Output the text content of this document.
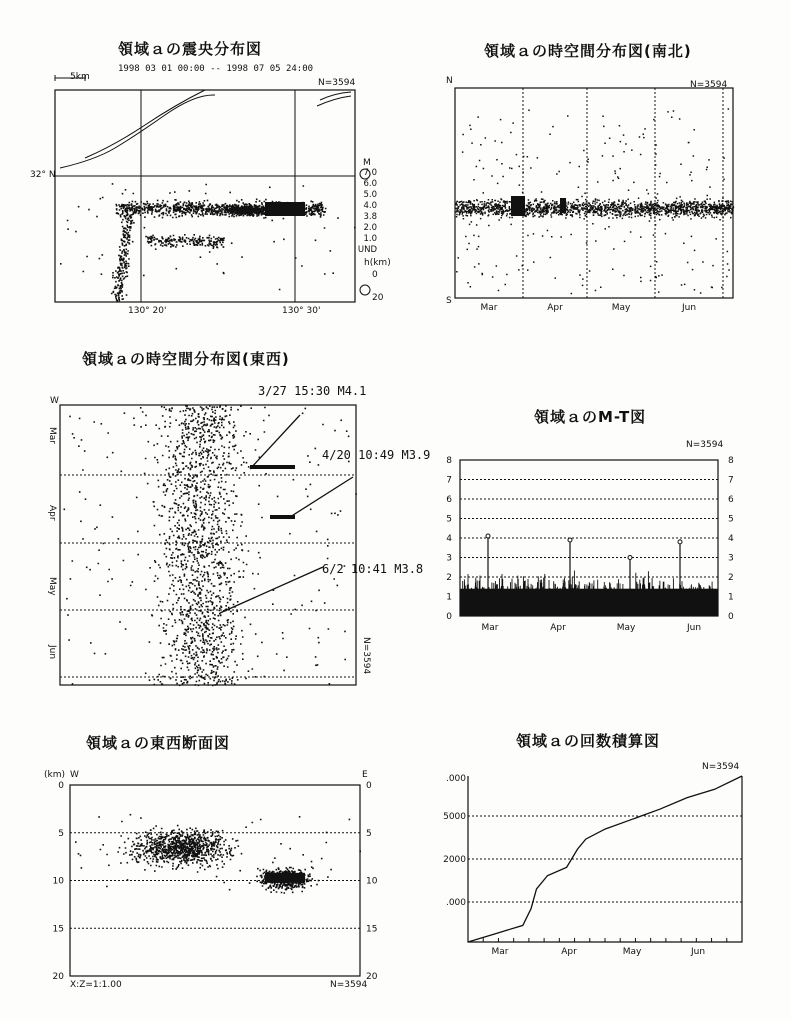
領域ａの震央分布図
1998 03 01 00:00 -- 1998 07 05 24:00
N=3594
5km
32° N
130° 20'	130° 30'
M
7.0
6.0
5.0
4.0
3.8
2.0
1.0
UND
h(km)
0
20
領域ａの時空間分布図(南北)
N=3594
N
S
Mar	Apr	May	Jun
領域ａの時空間分布図(東西)
W
Mar
Apr
May
Jun	N=3594
3/27 15:30 M4.1
4/20 10:49 M3.9
6/2 10:41 M3.8
領域ａのM-T図
N=3594
0	0
1	1
2	2
3	3
4	4
5	5
6	6
7	7
8	8
Mar	Apr	May	Jun
領域ａの東西断面図
(km) W	E
0	0
5	5
10	10
15	15
20	20
X:Z=1:1.00	N=3594
領域ａの回数積算図
N=3594
.000
5000
2000
.000
Mar	Apr	May	Jun
